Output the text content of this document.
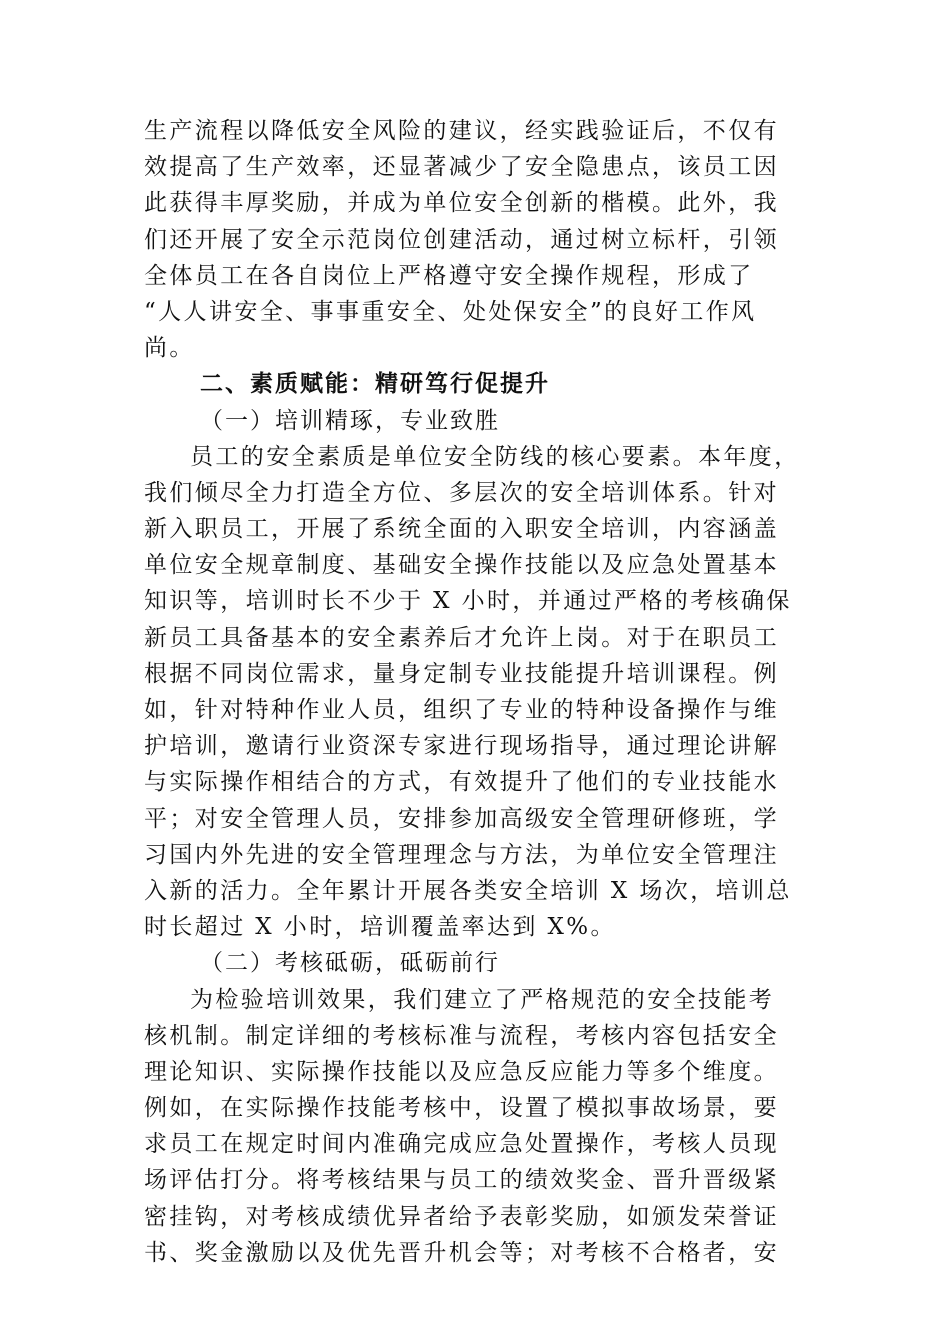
生产流程以降低安全风险的建议，经实践验证后，不仅有
效提高了生产效率，还显著减少了安全隐患点，该员工因
此获得丰厚奖励，并成为单位安全创新的楷模。此外，我
们还开展了安全示范岗位创建活动，通过树立标杆，引领
全体员工在各自岗位上严格遵守安全操作规程，形成了
“人人讲安全、事事重安全、处处保安全”的良好工作风
尚。
二、素质赋能：精研笃行促提升
（一）培训精琢，专业致胜
员工的安全素质是单位安全防线的核心要素。本年度，
我们倾尽全力打造全方位、多层次的安全培训体系。针对
新入职员工，开展了系统全面的入职安全培训，内容涵盖
单位安全规章制度、基础安全操作技能以及应急处置基本
知识等，培训时长不少于 X 小时，并通过严格的考核确保
新员工具备基本的安全素养后才允许上岗。对于在职员工
根据不同岗位需求，量身定制专业技能提升培训课程。例
如，针对特种作业人员，组织了专业的特种设备操作与维
护培训，邀请行业资深专家进行现场指导，通过理论讲解
与实际操作相结合的方式，有效提升了他们的专业技能水
平；对安全管理人员，安排参加高级安全管理研修班，学
习国内外先进的安全管理理念与方法，为单位安全管理注
入新的活力。全年累计开展各类安全培训 X 场次，培训总
时长超过 X 小时，培训覆盖率达到 X%。
（二）考核砥砺，砥砺前行
为检验培训效果，我们建立了严格规范的安全技能考
核机制。制定详细的考核标准与流程，考核内容包括安全
理论知识、实际操作技能以及应急反应能力等多个维度。
例如，在实际操作技能考核中，设置了模拟事故场景，要
求员工在规定时间内准确完成应急处置操作，考核人员现
场评估打分。将考核结果与员工的绩效奖金、晋升晋级紧
密挂钩，对考核成绩优异者给予表彰奖励，如颁发荣誉证
书、奖金激励以及优先晋升机会等；对考核不合格者，安
